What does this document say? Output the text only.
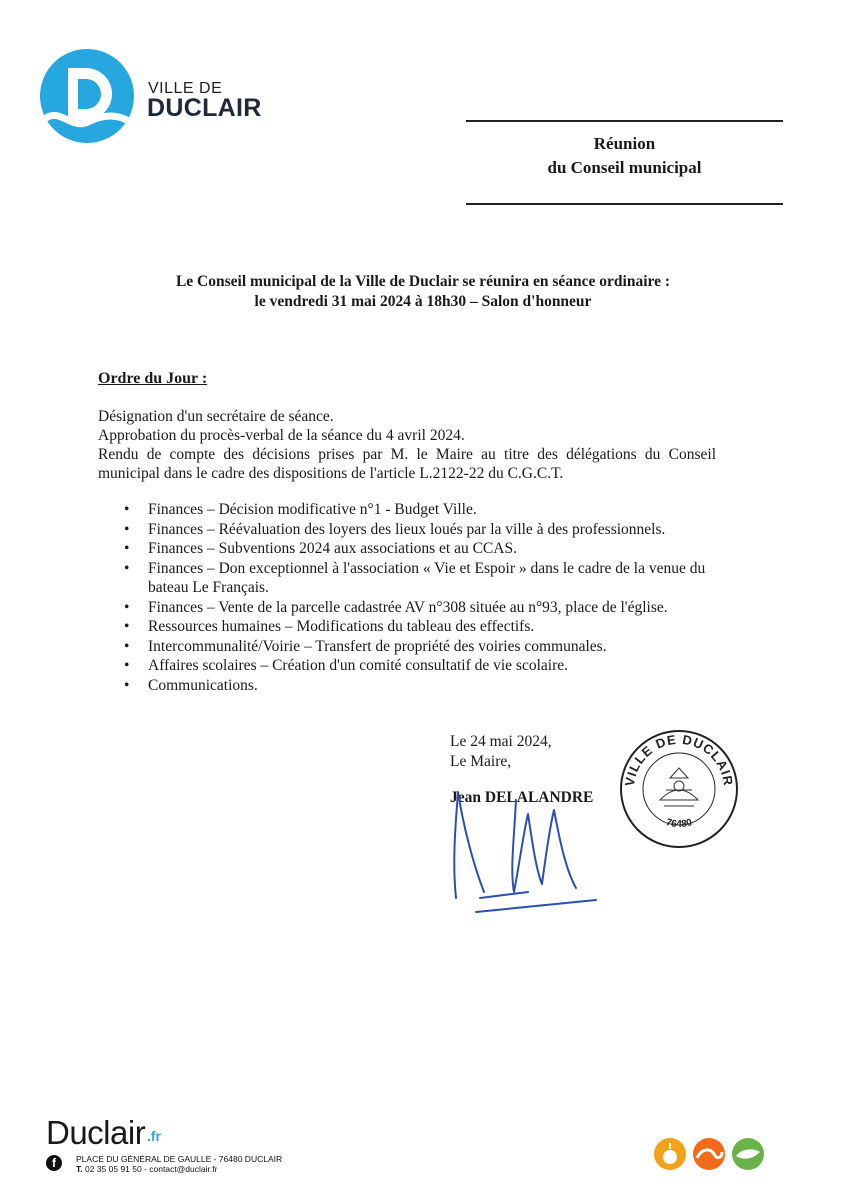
VILLE DE
DUCLAIR
Réunion
du Conseil municipal
Le Conseil municipal de la Ville de Duclair se réunira en séance ordinaire :
le vendredi 31 mai 2024 à 18h30 – Salon d'honneur
Ordre du Jour :
Désignation d'un secrétaire de séance.
Approbation du procès-verbal de la séance du 4 avril 2024.
Rendu de compte des décisions prises par M. le Maire au titre des délégations du Conseil municipal dans le cadre des dispositions de l'article L.2122-22 du C.G.C.T.
• Finances – Décision modificative n°1 - Budget Ville.
• Finances – Réévaluation des loyers des lieux loués par la ville à des professionnels.
• Finances – Subventions 2024 aux associations et au CCAS.
• Finances – Don exceptionnel à l'association « Vie et Espoir » dans le cadre de la venue du bateau Le Français.
• Finances – Vente de la parcelle cadastrée AV n°308 située au n°93, place de l'église.
• Ressources humaines – Modifications du tableau des effectifs.
• Intercommunalité/Voirie – Transfert de propriété des voiries communales.
• Affaires scolaires – Création d'un comité consultatif de vie scolaire.
• Communications.
Le 24 mai 2024,
Le Maire,
Jean DELALANDRE
VILLE DE DUCLAIR
76480
Duclair .fr
f	PLACE DU GÉNÉRAL DE GAULLE - 76480 DUCLAIR
T. 02 35 05 91 50 - contact@duclair.fr
